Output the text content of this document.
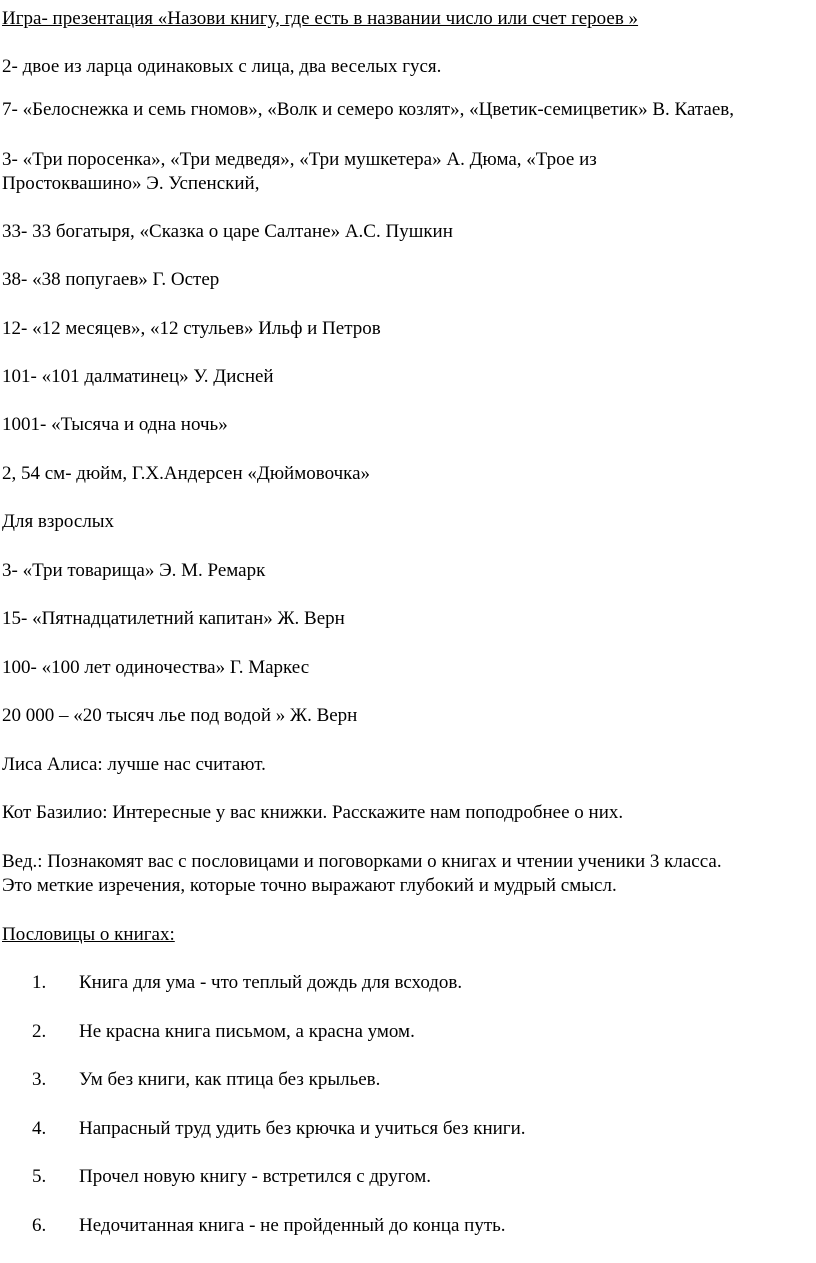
Игра- презентация «Назови книгу, где есть в названии число или счет героев »
2- двое из ларца одинаковых с лица, два веселых гуся.
7- «Белоснежка и семь гномов», «Волк и семеро козлят», «Цветик-семицветик» В. Катаев,
3- «Три поросенка», «Три медведя», «Три мушкетера» А. Дюма, «Трое из
Простоквашино» Э. Успенский,
33- 33 богатыря, «Сказка о царе Салтане» А.С. Пушкин
38- «38 попугаев» Г. Остер
12- «12 месяцев», «12 стульев» Ильф и Петров
101- «101 далматинец» У. Дисней
1001- «Тысяча и одна ночь»
2, 54 см- дюйм, Г.Х.Андерсен «Дюймовочка»
Для взрослых
3- «Три товарища» Э. М. Ремарк
15- «Пятнадцатилетний капитан» Ж. Верн
100- «100 лет одиночества» Г. Маркес
20 000 – «20 тысяч лье под водой » Ж. Верн
Лиса Алиса: лучше нас считают.
Кот Базилио: Интересные у вас книжки. Расскажите нам поподробнее о них.
Вед.: Познакомят вас с пословицами и поговорками о книгах и чтении ученики 3 класса.
Это меткие изречения, которые точно выражают глубокий и мудрый смысл.
Пословицы о книгах:
1. Книга для ума - что теплый дождь для всходов.
2. Не красна книга письмом, а красна умом.
3. Ум без книги, как птица без крыльев.
4. Напрасный труд удить без крючка и учиться без книги.
5. Прочел новую книгу - встретился с другом.
6. Недочитанная книга - не пройденный до конца путь.
